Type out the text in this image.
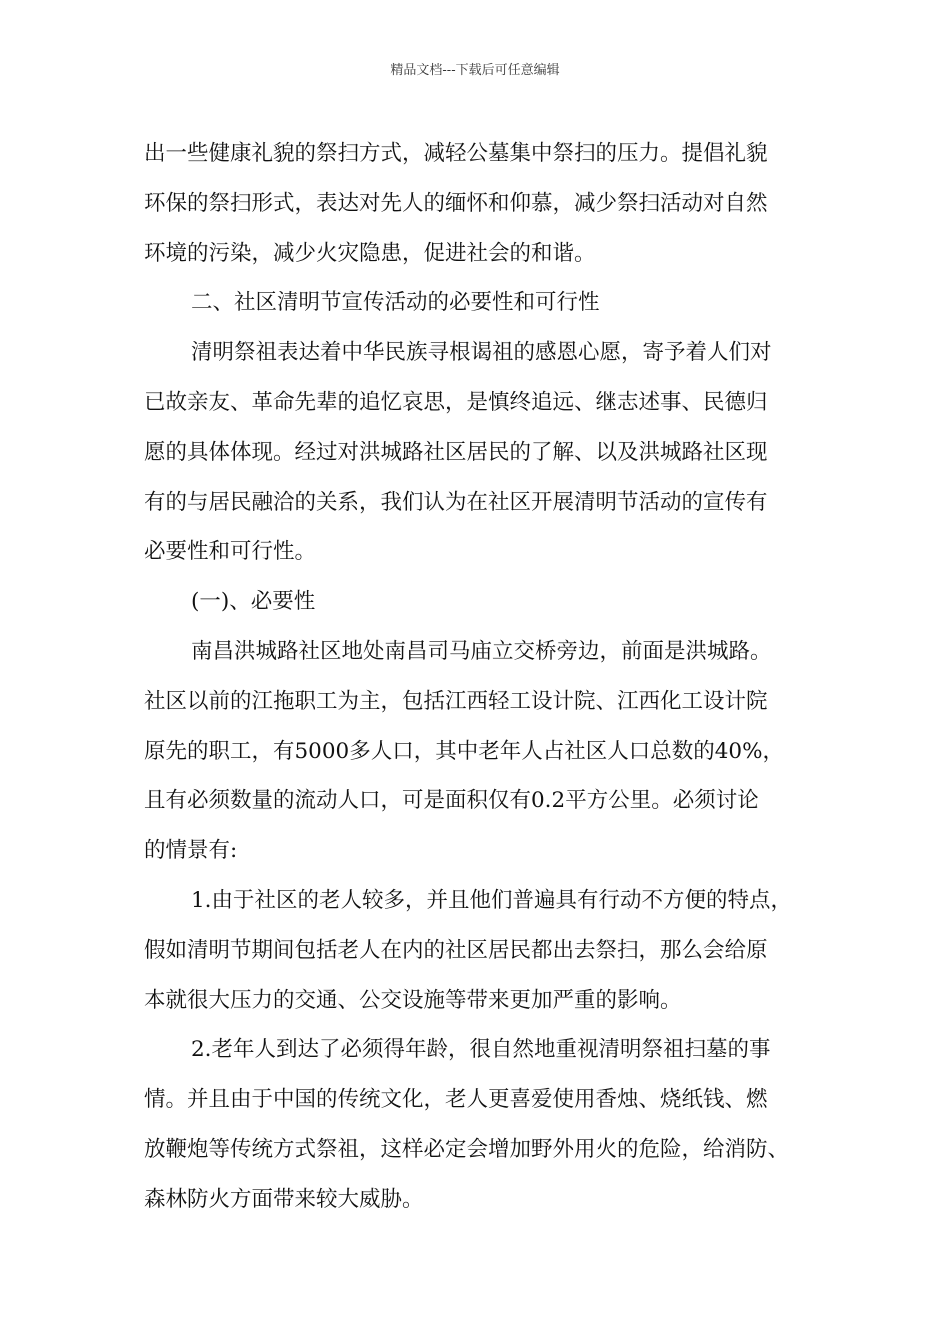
精品文档---下载后可任意编辑
出一些健康礼貌的祭扫方式，减轻公墓集中祭扫的压力。提倡礼貌
环保的祭扫形式，表达对先人的缅怀和仰慕，减少祭扫活动对自然
环境的污染，减少火灾隐患，促进社会的和谐。
二、社区清明节宣传活动的必要性和可行性
清明祭祖表达着中华民族寻根谒祖的感恩心愿，寄予着人们对
已故亲友、革命先辈的追忆哀思，是慎终追远、继志述事、民德归
愿的具体体现。经过对洪城路社区居民的了解、以及洪城路社区现
有的与居民融洽的关系，我们认为在社区开展清明节活动的宣传有
必要性和可行性。
(一)、必要性
南昌洪城路社区地处南昌司马庙立交桥旁边，前面是洪城路。
社区以前的江拖职工为主，包括江西轻工设计院、江西化工设计院
原先的职工，有5000多人口，其中老年人占社区人口总数的40%，
且有必须数量的流动人口，可是面积仅有0.2平方公里。必须讨论
的情景有:
1.由于社区的老人较多，并且他们普遍具有行动不方便的特点，
假如清明节期间包括老人在内的社区居民都出去祭扫，那么会给原
本就很大压力的交通、公交设施等带来更加严重的影响。
2.老年人到达了必须得年龄，很自然地重视清明祭祖扫墓的事
情。并且由于中国的传统文化，老人更喜爱使用香烛、烧纸钱、燃
放鞭炮等传统方式祭祖，这样必定会增加野外用火的危险，给消防、
森林防火方面带来较大威胁。
